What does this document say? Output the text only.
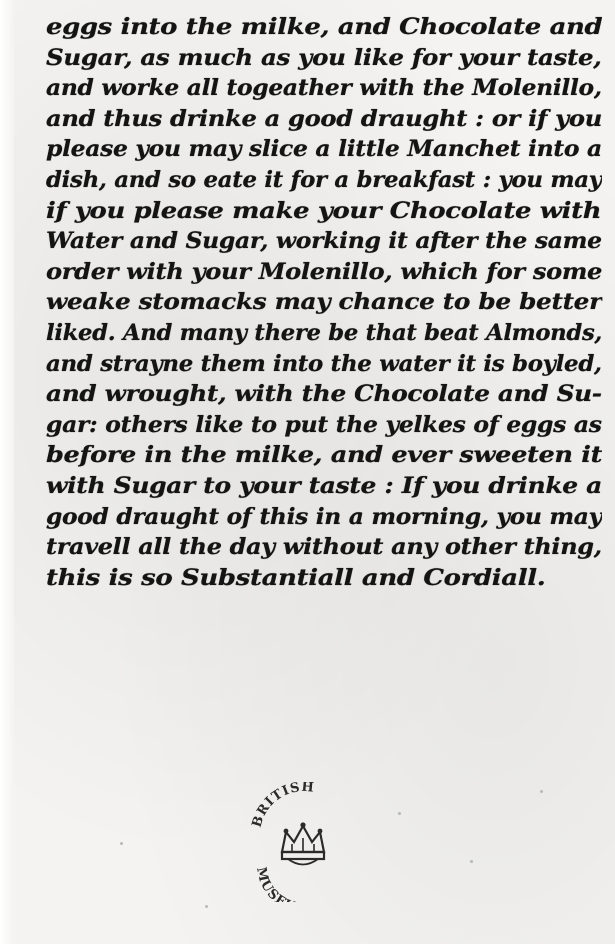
eggs into the milke, and Chocolate and
Sugar, as much as you like for your taste,
and worke all togeather with the Molenillo,
and thus drinke a good draught : or if you
please you may slice a little Manchet into a
dish, and so eate it for a breakfast : you may
if you please make your Chocolate with
Water and Sugar, working it after the same
order with your Molenillo, which for some
weake stomacks may chance to be better
liked. And many there be that beat Almonds,
and strayne them into the water it is boyled,
and wrought, with the Chocolate and Su-
gar: others like to put the yelkes of eggs as
before in the milke, and ever sweeten it
with Sugar to your taste : If you drinke a
good draught of this in a morning, you may
travell all the day without any other thing,
this is so Substantiall and Cordiall.
BRITISH
MUSE
